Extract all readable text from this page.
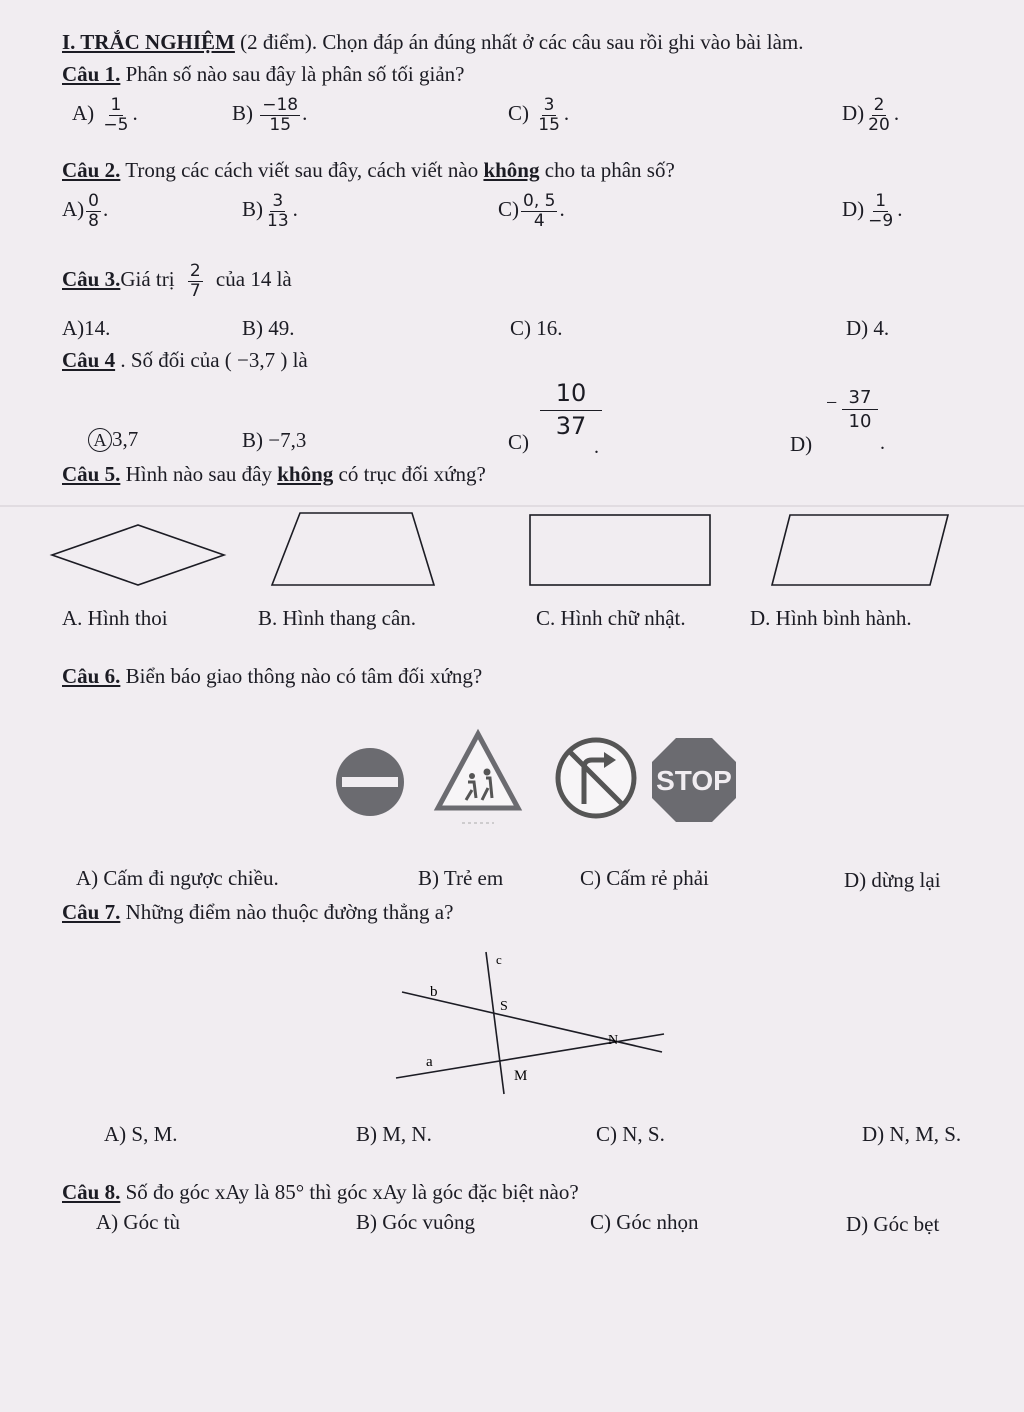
I. TRẮC NGHIỆM (2 điểm). Chọn đáp án đúng nhất ở các câu sau rồi ghi vào bài làm.
Câu 1. Phân số nào sau đây là phân số tối giản?
$A) \frac{1}{-5}$ .	$B) \frac{-18}{15}$ .	$C) \frac{3}{15}$ .	$D) \frac{2}{20}$ .
Câu 2. Trong các cách viết sau đây, cách viết nào không cho ta phân số?
$A) \frac{0}{8}$ .	$B) \frac{3}{13}$ .	$C) \frac{0, 5}{4}$ .	$D) \frac{1}{-9}$ .
Câu 3.Giá trị $\frac{2}{7}$ của 14 là
A)14.	B) 49.	C) 16.	D) 4.
Câu 4 . Số đối của ( −3,7 ) là
A 3,7	B) −7,3	C)
$\frac{10}{37}$
.	D)
− $\frac{37}{10}$
.
Câu 5. Hình nào sau đây không có trục đối xứng?
A. Hình thoi	B. Hình thang cân.	C. Hình chữ nhật.	D. Hình bình hành.
Câu 6. Biển báo giao thông nào có tâm đối xứng?
STOP
A) Cấm đi ngược chiều.	B) Trẻ em	C) Cấm rẻ phải	D) dừng lại
Câu 7. Những điểm nào thuộc đường thẳng a?
c
b
S
N
a
M
A) S, M.	B) M, N.	C) N, S.	D) N, M, S.
Câu 8. Số đo góc xAy là 85° thì góc xAy là góc đặc biệt nào?
A) Góc tù	B) Góc vuông	C) Góc nhọn	D) Góc bẹt
